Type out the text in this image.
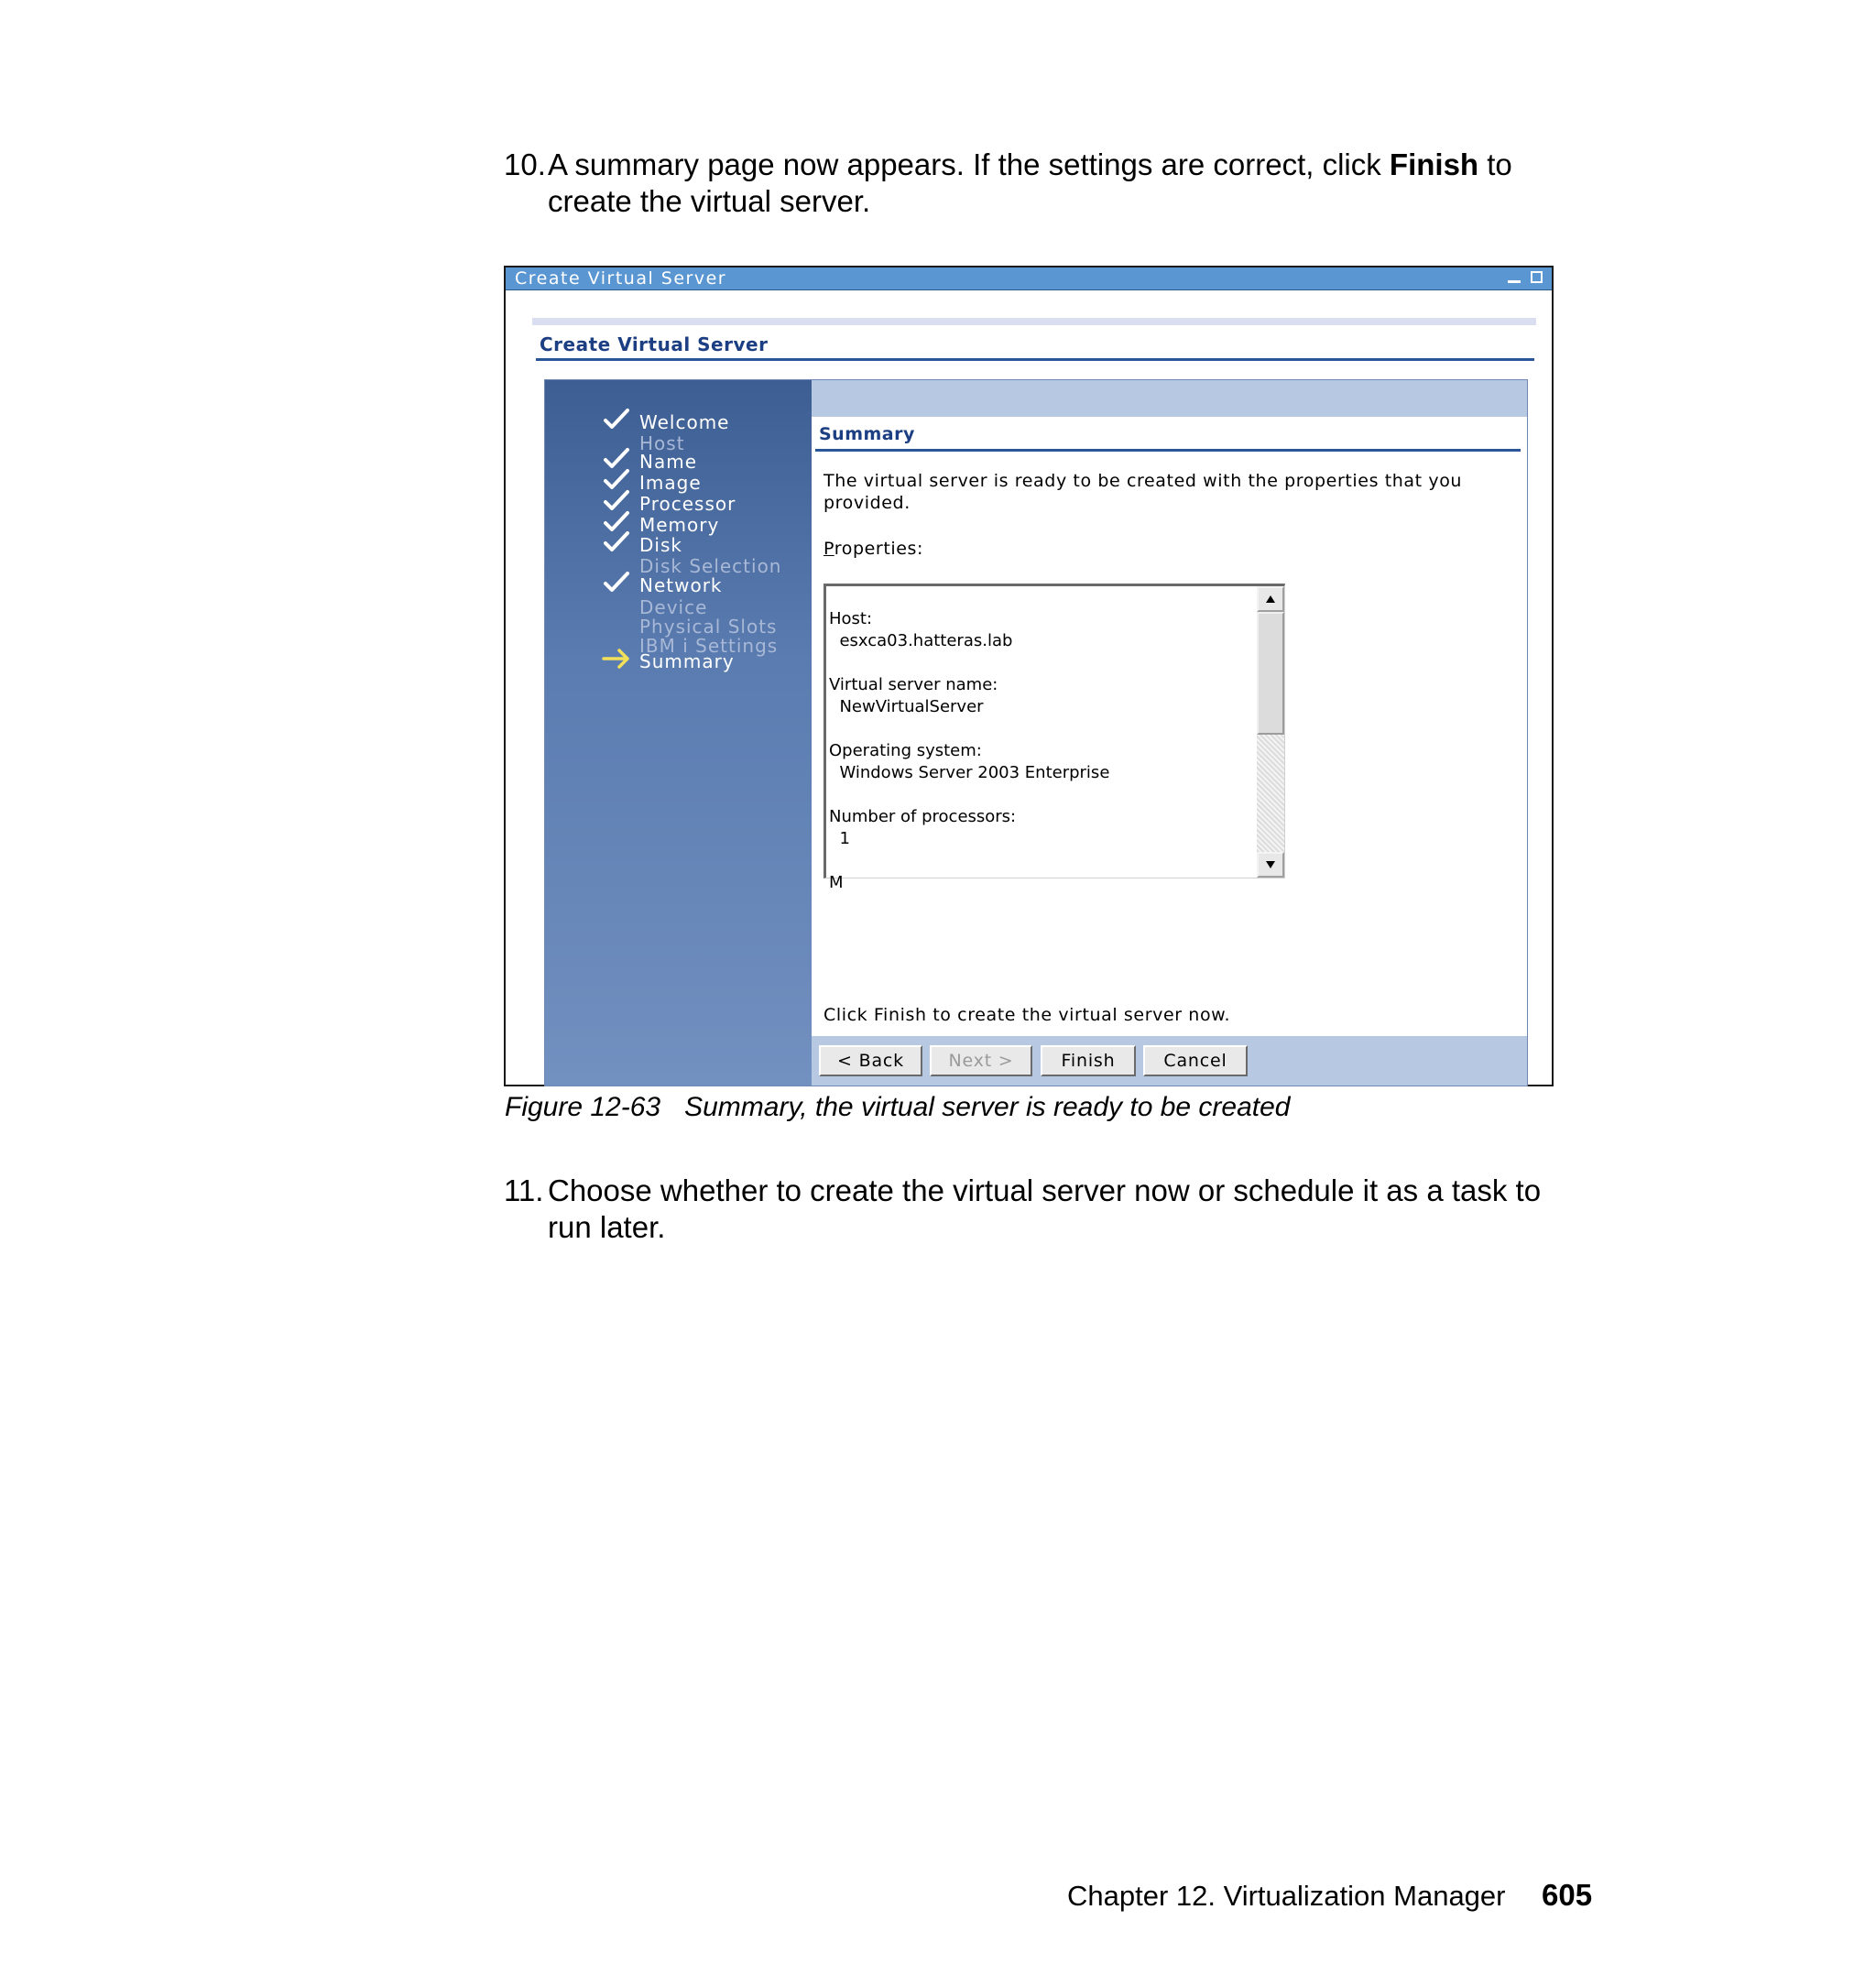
10. A summary page now appears. If the settings are correct, click Finish to create the virtual server.
Create Virtual Server
Create Virtual Server
Welcome
Host
Name
Image
Processor
Memory
Disk
Disk Selection
Network
Device
Physical Slots
IBM i Settings
Summary
Summary
The virtual server is ready to be created with the properties that you provided.
Properties:
Host:
esxca03.hatteras.lab

Virtual server name:
NewVirtualServer

Operating system:
Windows Server 2003 Enterprise

Number of processors:
1

M
Click Finish to create the virtual server now.
< Back	Next >	Finish	Cancel
Figure 12-63 Summary, the virtual server is ready to be created
11. Choose whether to create the virtual server now or schedule it as a task to run later.
Chapter 12. Virtualization Manager 605
